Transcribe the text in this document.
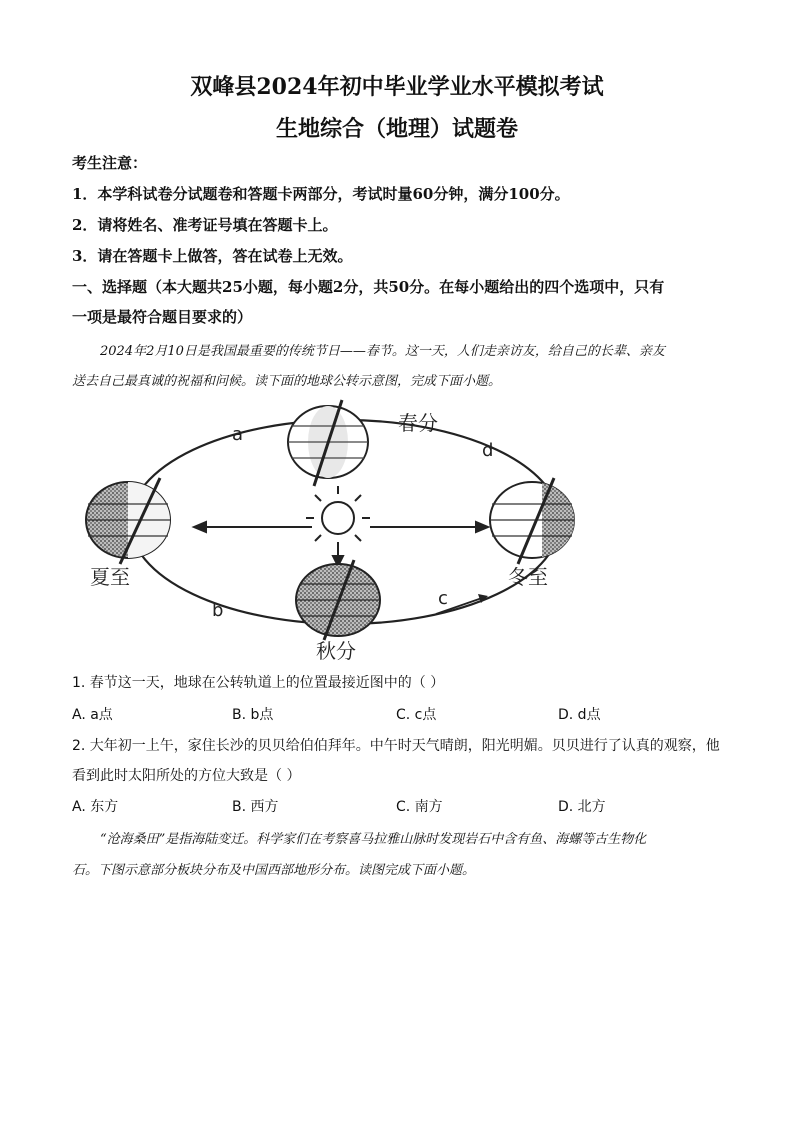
双峰县2024年初中毕业学业水平模拟考试
生地综合（地理）试题卷
考生注意：
1．本学科试卷分试题卷和答题卡两部分，考试时量60分钟，满分100分。
2．请将姓名、准考证号填在答题卡上。
3．请在答题卡上做答，答在试卷上无效。
一、选择题（本大题共25小题，每小题2分，共50分。在每小题给出的四个选项中，只有
一项是最符合题目要求的）
2024年2月10日是我国最重要的传统节日——春节。这一天，人们走亲访友，给自己的长辈、亲友
送去自己最真诚的祝福和问候。读下面的地球公转示意图，完成下面小题。
春分
夏至	冬至
秋分
a
b
c
d
1. 春节这一天，地球在公转轨道上的位置最接近图中的（ ）
A. a点	B. b点	C. c点	D. d点
2. 大年初一上午，家住长沙的贝贝给伯伯拜年。中午时天气晴朗，阳光明媚。贝贝进行了认真的观察，他
看到此时太阳所处的方位大致是（ ）
A. 东方	B. 西方	C. 南方	D. 北方
“沧海桑田”是指海陆变迁。科学家们在考察喜马拉雅山脉时发现岩石中含有鱼、海螺等古生物化
石。下图示意部分板块分布及中国西部地形分布。读图完成下面小题。
